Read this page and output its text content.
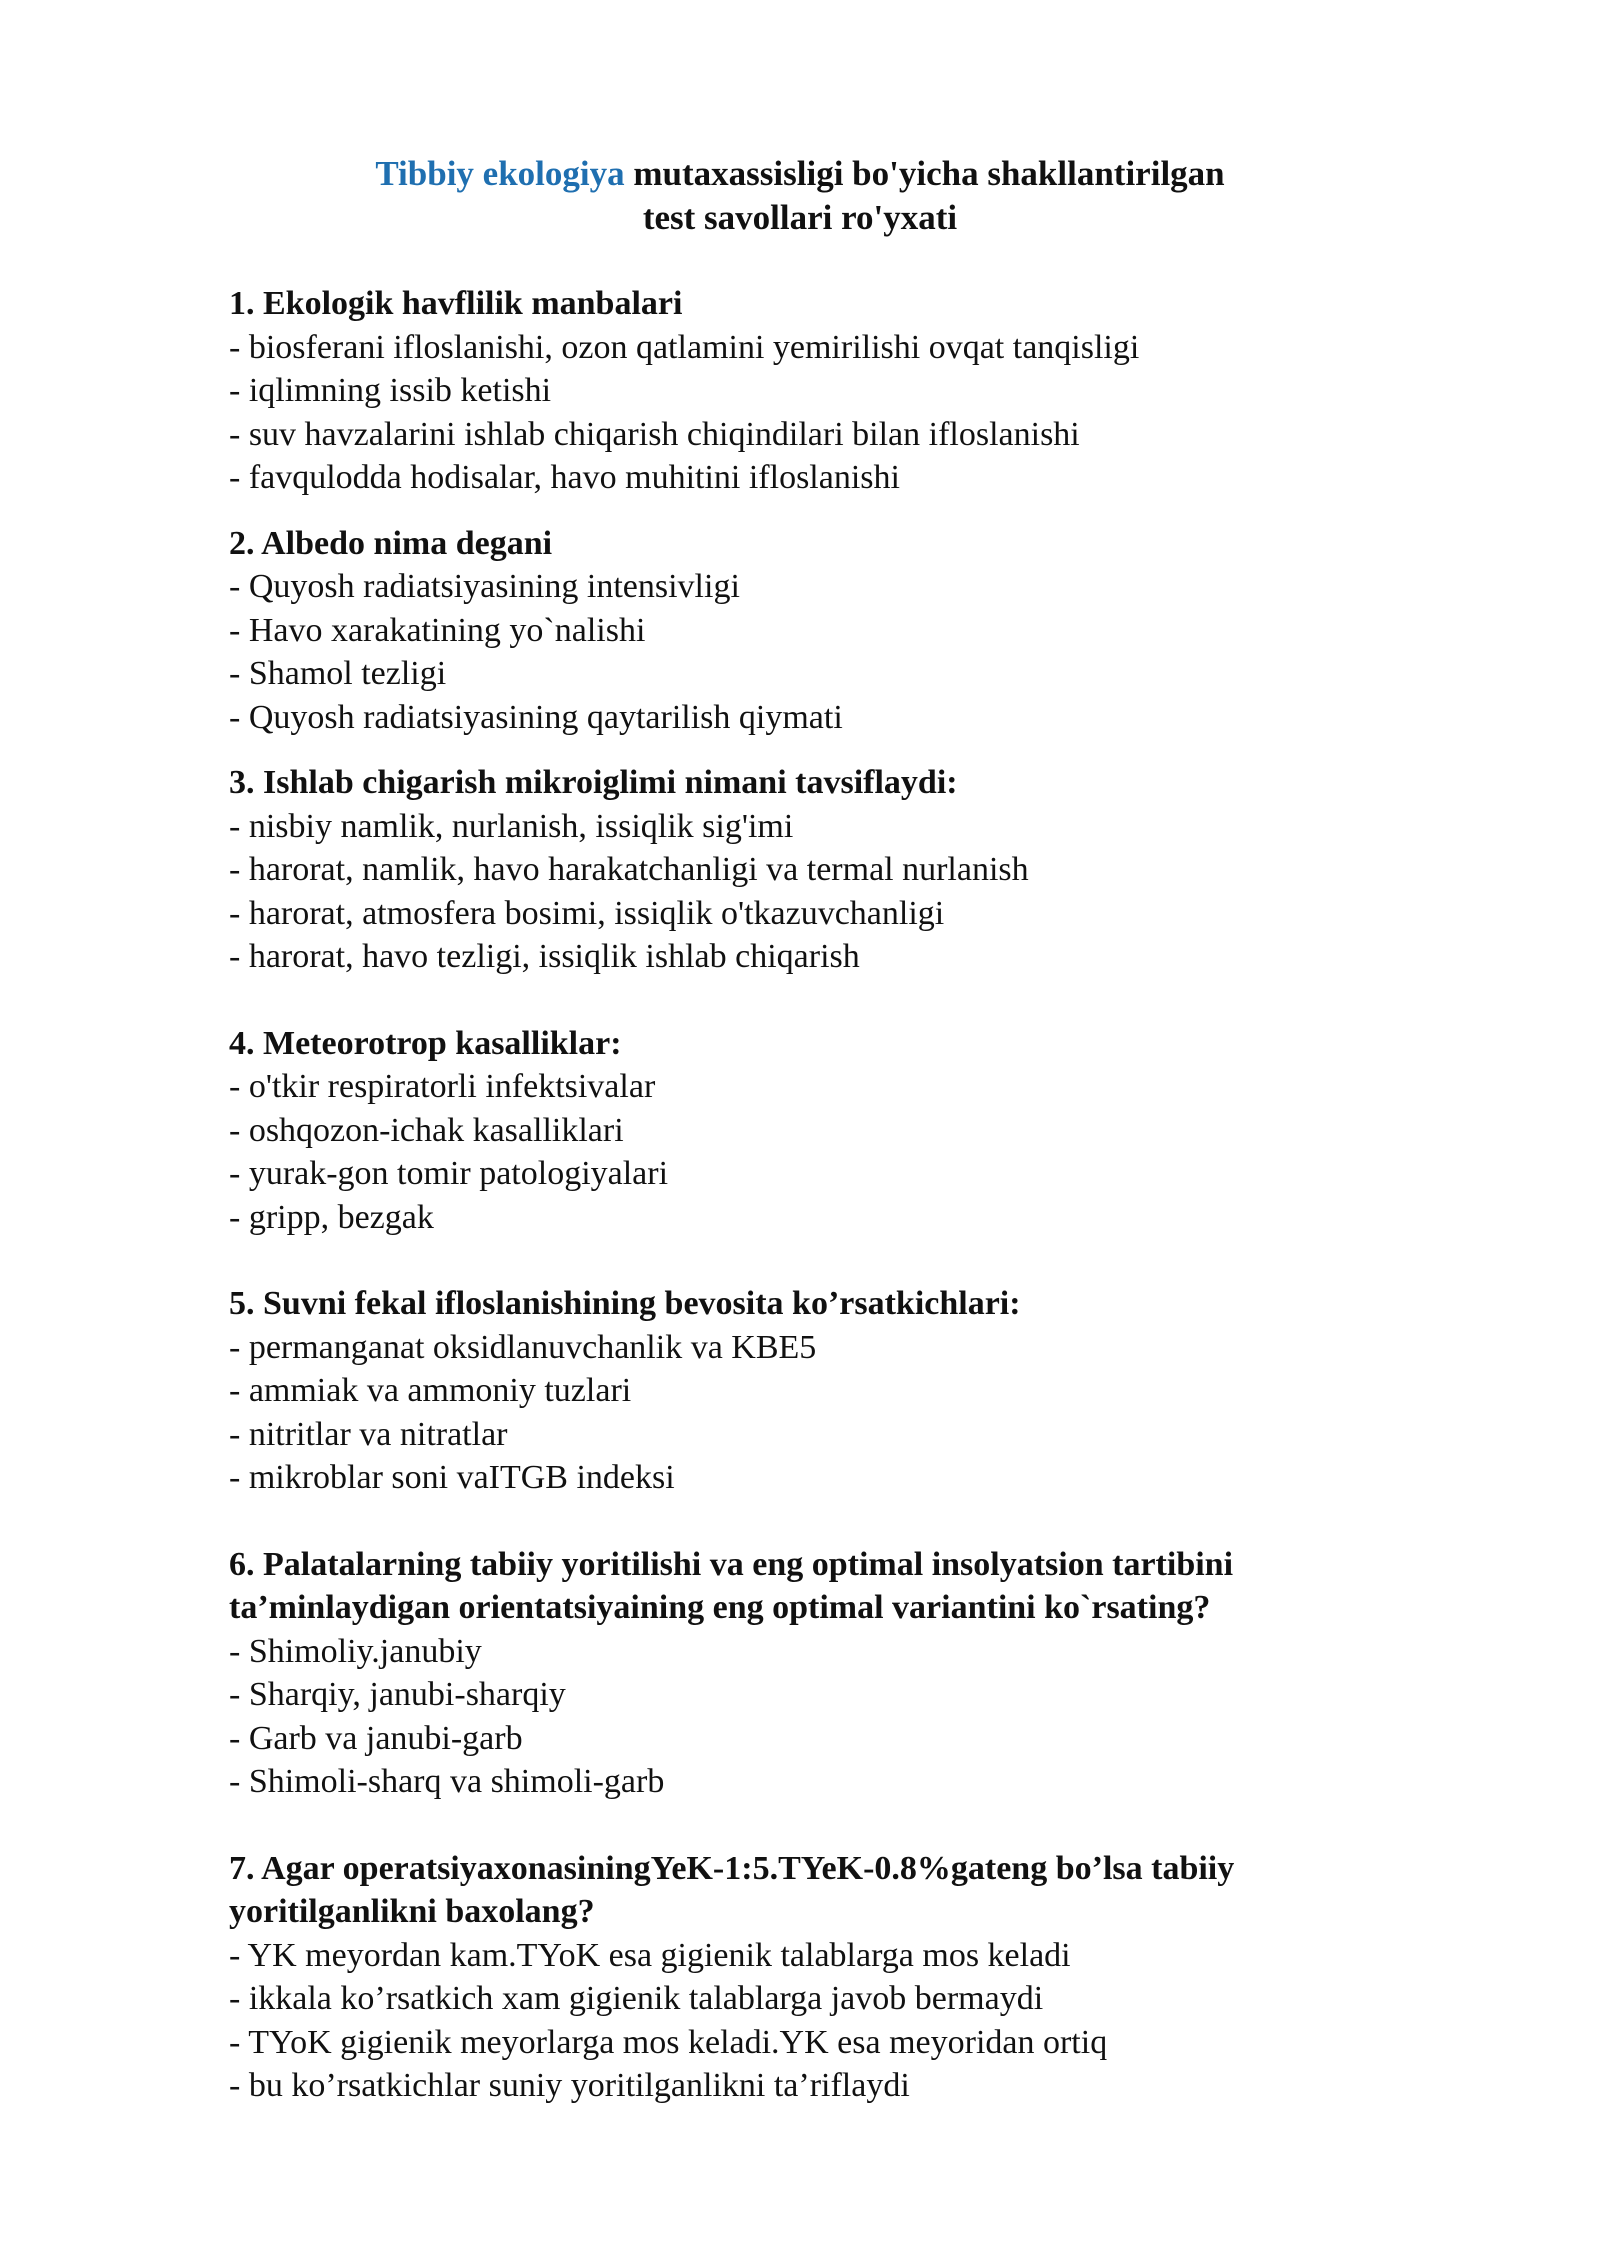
Tibbiy ekologiya mutaxassisligi bo'yicha shakllantirilgan
test savollari ro'yxati
1. Ekologik havflilik manbalari
- biosferani ifloslanishi, ozon qatlamini yemirilishi ovqat tanqisligi
- iqlimning issib ketishi
- suv havzalarini ishlab chiqarish chiqindilari bilan ifloslanishi
- favqulodda hodisalar, havo muhitini ifloslanishi
2. Albedo nima degani
- Quyosh radiatsiyasining intensivligi
- Havo xarakatining yo`nalishi
- Shamol tezligi
- Quyosh radiatsiyasining qaytarilish qiymati
3. Ishlab chigarish mikroiglimi nimani tavsiflaydi:
- nisbiy namlik, nurlanish, issiqlik sig'imi
- harorat, namlik, havo harakatchanligi va termal nurlanish
- harorat, atmosfera bosimi, issiqlik o'tkazuvchanligi
- harorat, havo tezligi, issiqlik ishlab chiqarish
4. Meteorotrop kasalliklar:
- o'tkir respiratorli infektsivalar
- oshqozon-ichak kasalliklari
- yurak-gon tomir patologiyalari
- gripp, bezgak
5. Suvni fekal ifloslanishining bevosita ko’rsatkichlari:
- permanganat oksidlanuvchanlik va KBE5
- ammiak va ammoniy tuzlari
- nitritlar va nitratlar
- mikroblar soni vaITGB indeksi
6. Palatalarning tabiiy yoritilishi va eng optimal insolyatsion tartibini ta’minlaydigan orientatsiyaining eng optimal variantini ko`rsating?
- Shimoliy.janubiy
- Sharqiy, janubi-sharqiy
- Garb va janubi-garb
- Shimoli-sharq va shimoli-garb
7. Agar operatsiyaxonasiningYeK-1:5.TYeK-0.8%gateng bo’lsa tabiiy yoritilganlikni baxolang?
- YK meyordan kam.TYoK esa gigienik talablarga mos keladi
- ikkala ko’rsatkich xam gigienik talablarga javob bermaydi
- TYoK gigienik meyorlarga mos keladi.YK esa meyoridan ortiq
- bu ko’rsatkichlar suniy yoritilganlikni ta’riflaydi
